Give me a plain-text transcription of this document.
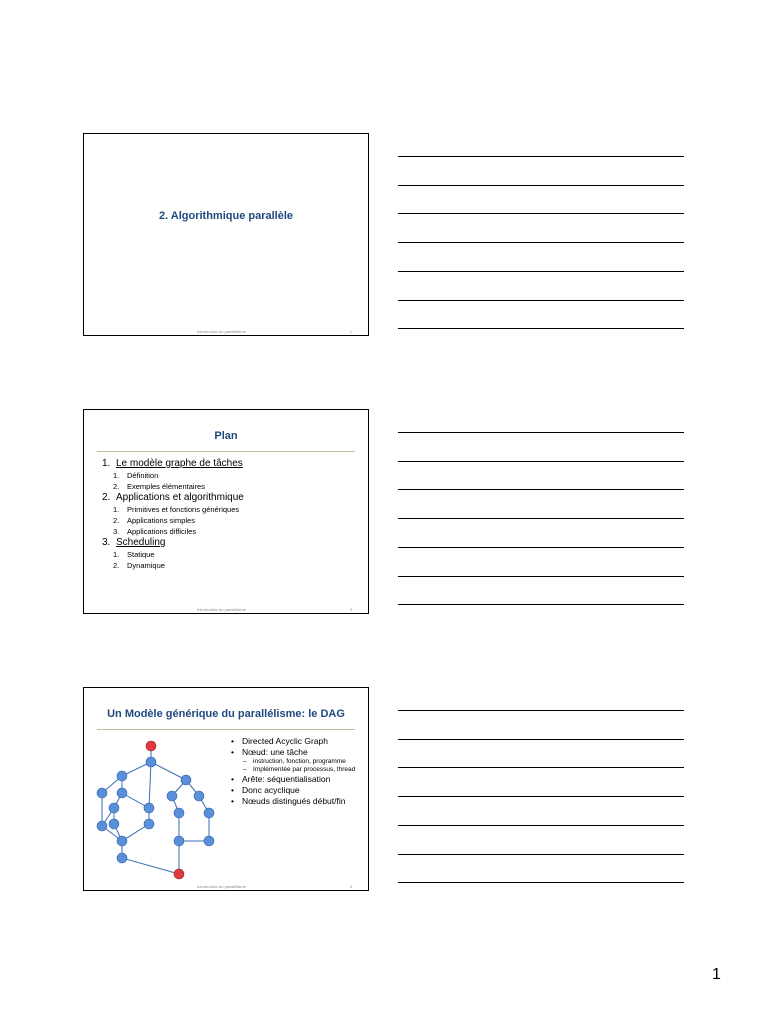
2. Algorithmique parallèle
Introduction au parallélisme	1
Plan
1. Le modèle graphe de tâches
1. Définition
2. Exemples élémentaires
2. Applications et algorithmique
1. Primitives et fonctions génériques
2. Applications simples
3. Applications difficiles
3. Scheduling
1. Statique
2. Dynamique
Introduction au parallélisme	2
Un Modèle générique du parallélisme: le DAG
• Directed Acyclic Graph
• Nœud: une tâche
– instruction, fonction, programme
– Implémentée par processus, thread
• Arête: séquentialisation
• Donc acyclique
• Nœuds distingués début/fin
Introduction au parallélisme	3
1
